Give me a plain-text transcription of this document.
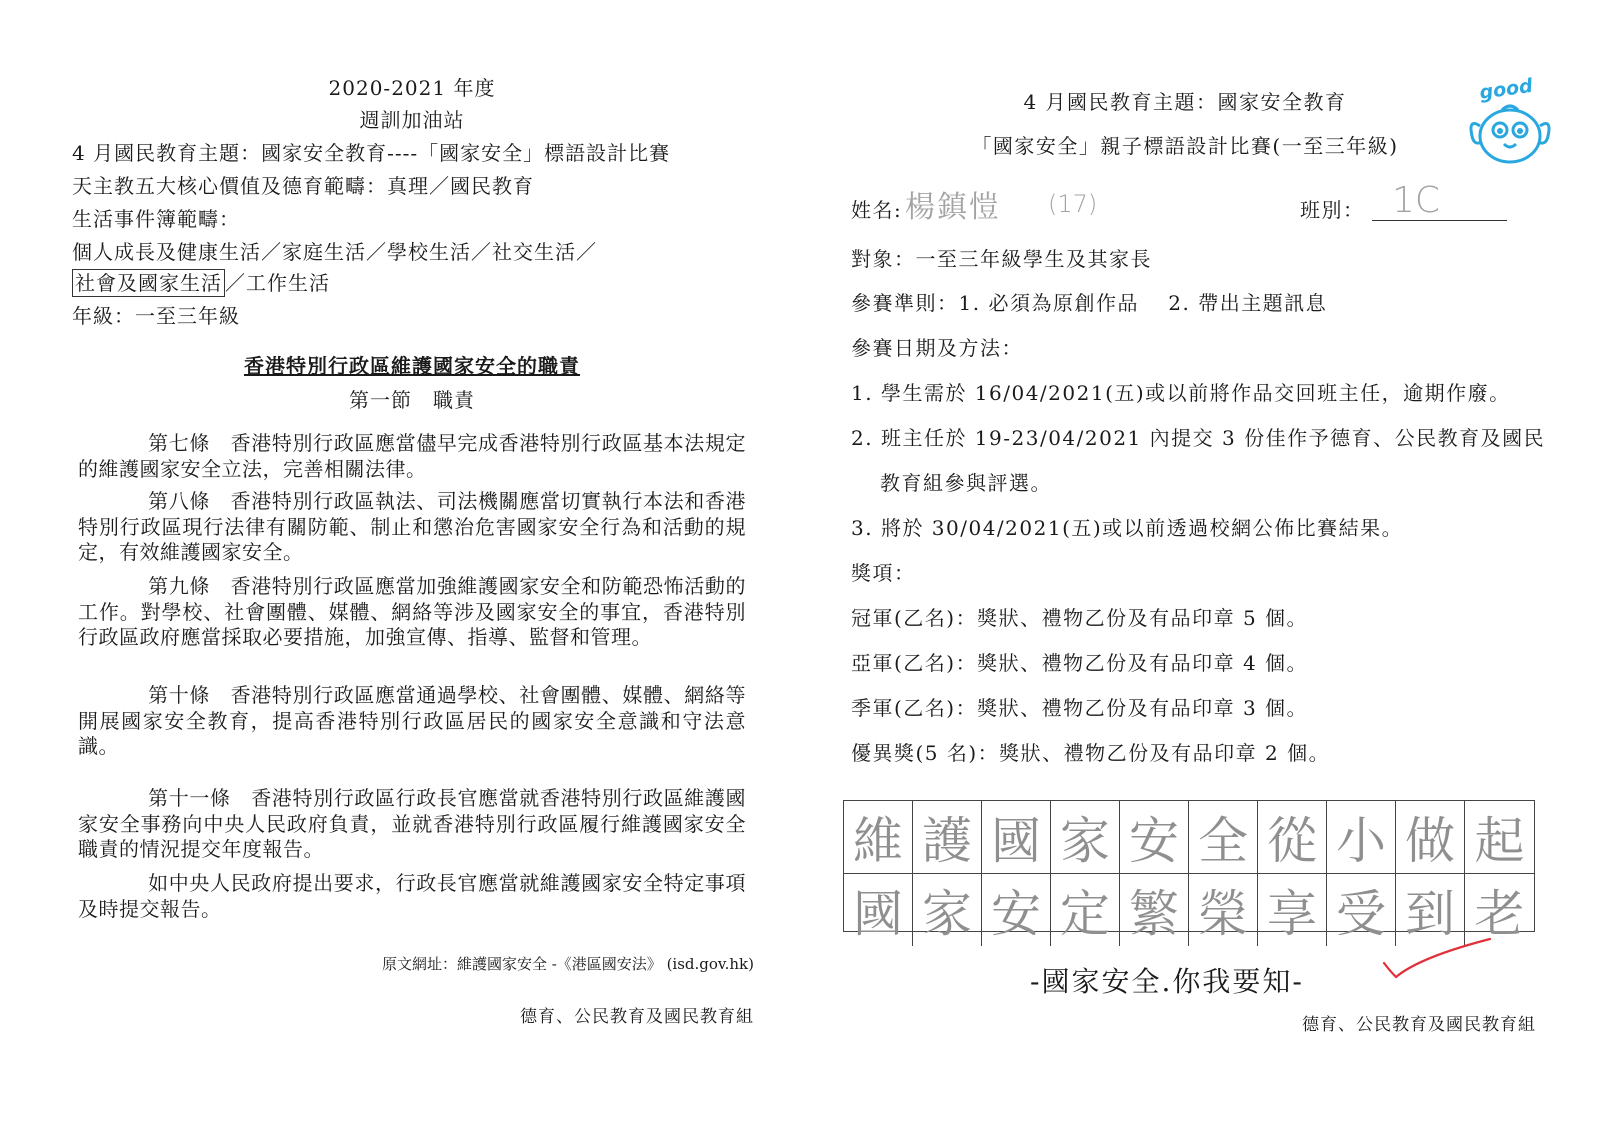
2020-2021 年度
週訓加油站
4 月國民教育主題：國家安全教育----「國家安全」標語設計比賽
天主教五大核心價值及德育範疇：真理／國民教育
生活事件簿範疇：
個人成長及健康生活／家庭生活／學校生活／社交生活／
社會及國家生活 ／工作生活
年級：一至三年級
香港特別行政區維護國家安全的職責
第一節　職責
第七條　 香港特別行政區應當儘早完成香港特別行政區基本法規定的維護國家安全立法，完善相關法律。
第八條　 香港特別行政區執法、司法機關應當切實執行本法和香港特別行政區現行法律有關防範、制止和懲治危害國家安全行為和活動的規定，有效維護國家安全。
第九條　 香港特別行政區應當加強維護國家安全和防範恐怖活動的工作。對學校、社會團體、媒體、網絡等涉及國家安全的事宜，香港特別行政區政府應當採取必要措施，加強宣傳、指導、監督和管理。
第十條　 香港特別行政區應當通過學校、社會團體、媒體、網絡等開展國家安全教育，提高香港特別行政區居民的國家安全意識和守法意識。
第十一條　 香港特別行政區行政長官應當就香港特別行政區維護國家安全事務向中央人民政府負責，並就香港特別行政區履行維護國家安全職責的情況提交年度報告。
如中央人民政府提出要求，行政長官應當就維護國家安全特定事項及時提交報告。
原文網址：維護國家安全 -《港區國安法》 (isd.gov.hk)
德育、公民教育及國民教育組
4 月國民教育主題：國家安全教育
「國家安全」親子標語設計比賽(一至三年級)
good
姓名: 楊鎮愷 (17)	班別： 1C
對象：一至三年級學生及其家長
參賽準則：1. 必須為原創作品　 2. 帶出主題訊息
參賽日期及方法：
1. 學生需於 16/04/2021(五)或以前將作品交回班主任，逾期作廢。
2. 班主任於 19-23/04/2021 內提交 3 份佳作予德育、公民教育及國民
教育組參與評選。
3. 將於 30/04/2021(五)或以前透過校網公佈比賽結果。
獎項：
冠軍(乙名)：獎狀、禮物乙份及有品印章 5 個。
亞軍(乙名)：獎狀、禮物乙份及有品印章 4 個。
季軍(乙名)：獎狀、禮物乙份及有品印章 3 個。
優異獎(5 名)：獎狀、禮物乙份及有品印章 2 個。
維 護 國 家 安 全 從 小 做 起
國 家 安 定 繁 榮 享 受 到 老
-國家安全.你我要知-
德育、公民教育及國民教育組
